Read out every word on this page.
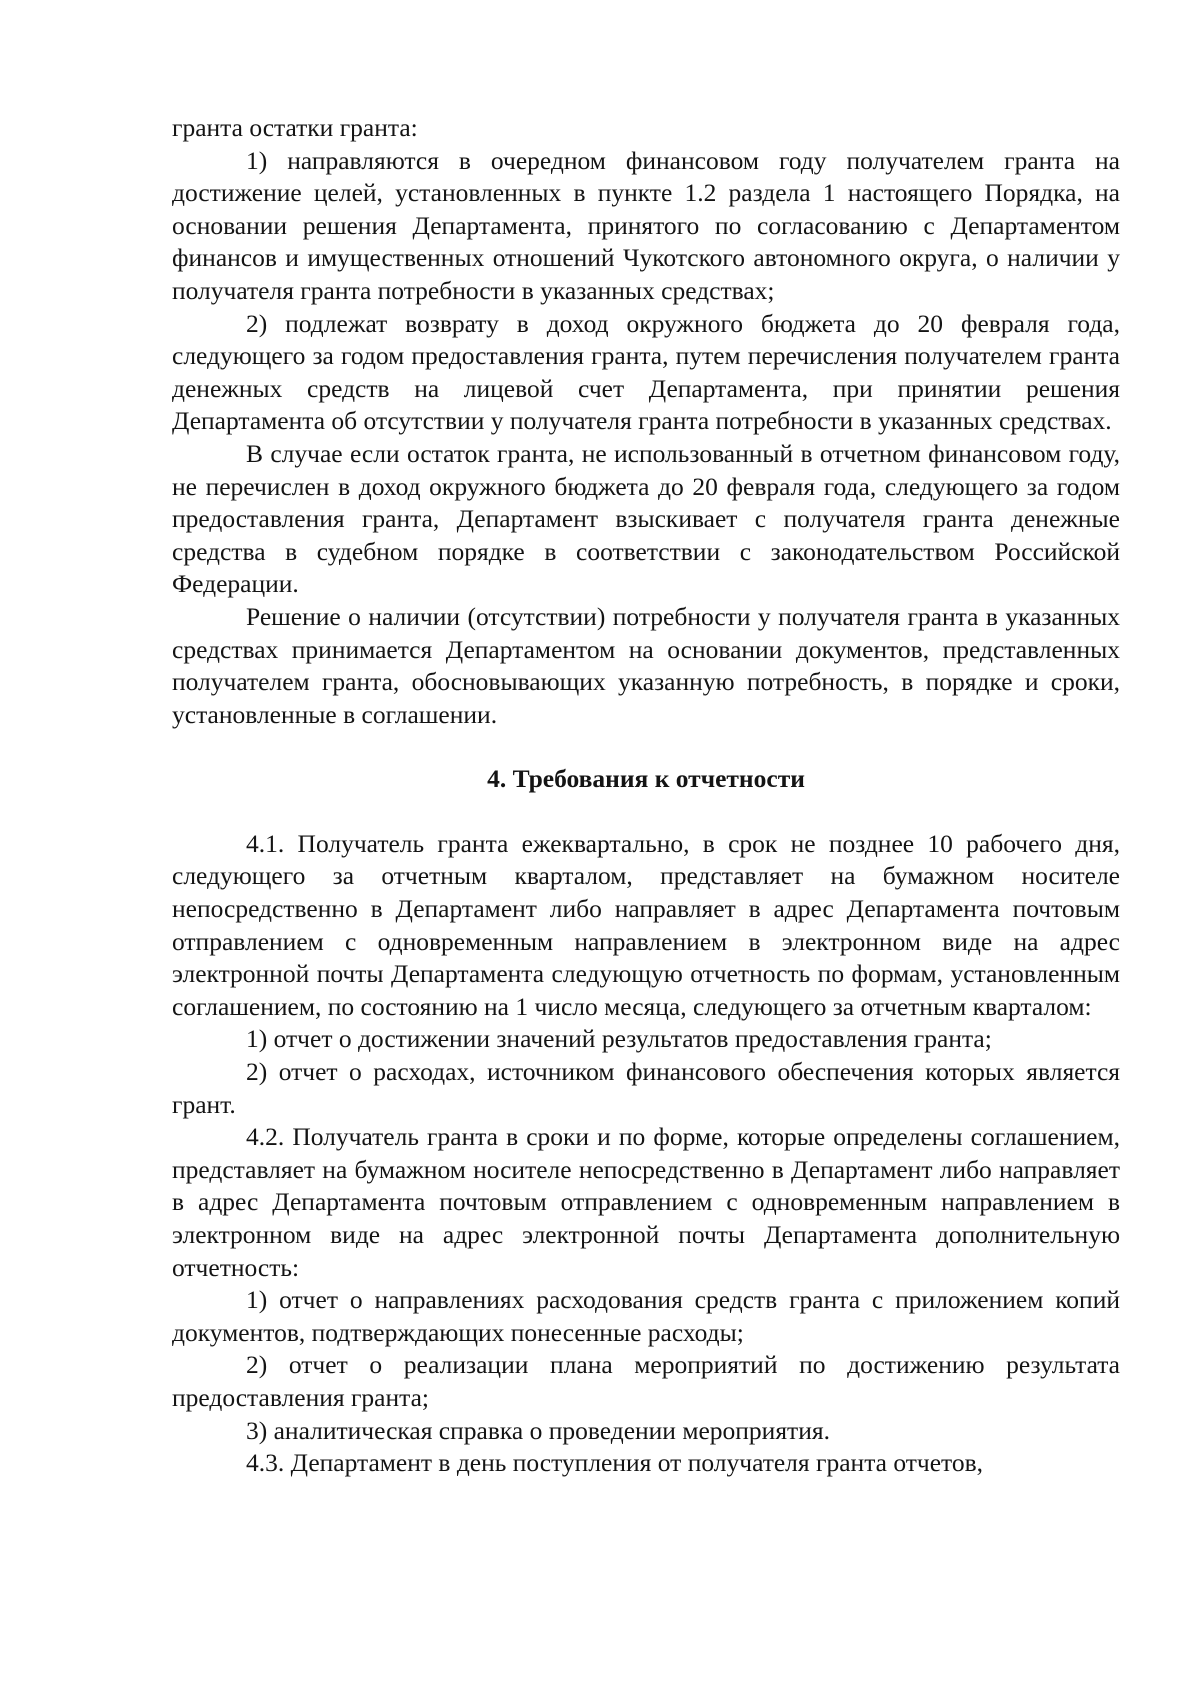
гранта остатки гранта:

1) направляются в очередном финансовом году получателем гранта на достижение целей, установленных в пункте 1.2 раздела 1 настоящего Порядка, на основании решения Департамента, принятого по согласованию с Департаментом финансов и имущественных отношений Чукотского автономного округа, о наличии у получателя гранта потребности в указанных средствах;

2) подлежат возврату в доход окружного бюджета до 20 февраля года, следующего за годом предоставления гранта, путем перечисления получателем гранта денежных средств на лицевой счет Департамента, при принятии решения Департамента об отсутствии у получателя гранта потребности в указанных средствах.

В случае если остаток гранта, не использованный в отчетном финансовом году, не перечислен в доход окружного бюджета до 20 февраля года, следующего за годом предоставления гранта, Департамент взыскивает с получателя гранта денежные средства в судебном порядке в соответствии с законодательством Российской Федерации.

Решение о наличии (отсутствии) потребности у получателя гранта в указанных средствах принимается Департаментом на основании документов, представленных получателем гранта, обосновывающих указанную потребность, в порядке и сроки, установленные в соглашении.

4. Требования к отчетности

4.1. Получатель гранта ежеквартально, в срок не позднее 10 рабочего дня, следующего за отчетным кварталом, представляет на бумажном носителе непосредственно в Департамент либо направляет в адрес Департамента почтовым отправлением с одновременным направлением в электронном виде на адрес электронной почты Департамента следующую отчетность по формам, установленным соглашением, по состоянию на 1 число месяца, следующего за отчетным кварталом:

1) отчет о достижении значений результатов предоставления гранта;

2) отчет о расходах, источником финансового обеспечения которых является грант.

4.2. Получатель гранта в сроки и по форме, которые определены соглашением, представляет на бумажном носителе непосредственно в Департамент либо направляет в адрес Департамента почтовым отправлением с одновременным направлением в электронном виде на адрес электронной почты Департамента дополнительную отчетность:

1) отчет о направлениях расходования средств гранта с приложением копий документов, подтверждающих понесенные расходы;

2) отчет о реализации плана мероприятий по достижению результата предоставления гранта;

3) аналитическая справка о проведении мероприятия.

4.3. Департамент в день поступления от получателя гранта отчетов,
